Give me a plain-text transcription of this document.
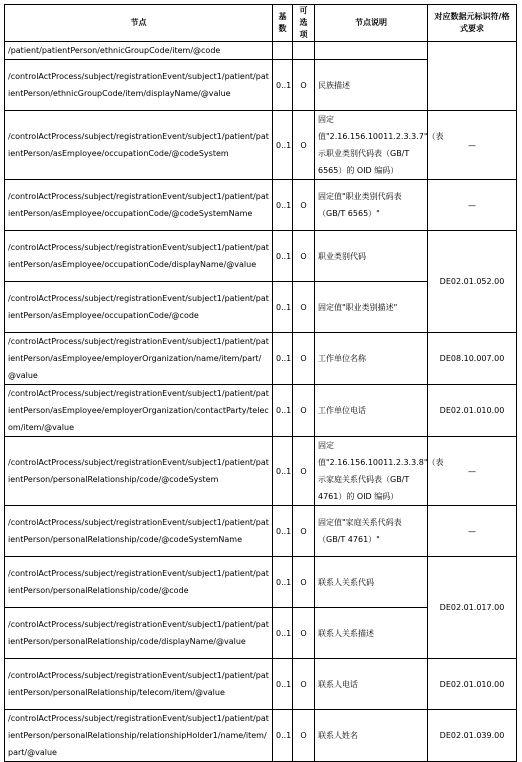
节点	基数	可选项	节点说明	对应数据元标识符/格式要求
/patient/patientPerson/ethnicGroupCode/item/@code				
/controlActProcess/subject/registrationEvent/subject1/patient/patientPerson/ethnicGroupCode/item/displayName/@value	0..1	O	民族描述	
/controlActProcess/subject/registrationEvent/subject1/patient/patientPerson/asEmployee/occupationCode/@codeSystem	0..1	O	固定值"2.16.156.10011.2.3.3.7"（表示职业类别代码表（GB/T 6565）的 OID 编码）	—
/controlActProcess/subject/registrationEvent/subject1/patient/patientPerson/asEmployee/occupationCode/@codeSystemName	0..1	O	固定值"职业类别代码表（GB/T 6565）"	—
/controlActProcess/subject/registrationEvent/subject1/patient/patientPerson/asEmployee/occupationCode/displayName/@value	0..1	O	职业类别代码	DE02.01.052.00
/controlActProcess/subject/registrationEvent/subject1/patient/patientPerson/asEmployee/occupationCode/@code	0..1	O	固定值"职业类别描述"	
/controlActProcess/subject/registrationEvent/subject1/patient/patientPerson/asEmployee/employerOrganization/name/item/part/@value	0..1	O	工作单位名称	DE08.10.007.00
/controlActProcess/subject/registrationEvent/subject1/patient/patientPerson/asEmployee/employerOrganization/contactParty/telecom/item/@value	0..1	O	工作单位电话	DE02.01.010.00
/controlActProcess/subject/registrationEvent/subject1/patient/patientPerson/personalRelationship/code/@codeSystem	0..1	O	固定值"2.16.156.10011.2.3.3.8"（表示家庭关系代码表（GB/T 4761）的 OID 编码）	—
/controlActProcess/subject/registrationEvent/subject1/patient/patientPerson/personalRelationship/code/@codeSystemName	0..1	O	固定值"家庭关系代码表（GB/T 4761）"	—
/controlActProcess/subject/registrationEvent/subject1/patient/patientPerson/personalRelationship/code/@code	0..1	O	联系人关系代码	DE02.01.017.00
/controlActProcess/subject/registrationEvent/subject1/patient/patientPerson/personalRelationship/code/displayName/@value	0..1	O	联系人关系描述	
/controlActProcess/subject/registrationEvent/subject1/patient/patientPerson/personalRelationship/telecom/item/@value	0..1	O	联系人电话	DE02.01.010.00
/controlActProcess/subject/registrationEvent/subject1/patient/patientPerson/personalRelationship/relationshipHolder1/name/item/part/@value	0..1	O	联系人姓名	DE02.01.039.00
